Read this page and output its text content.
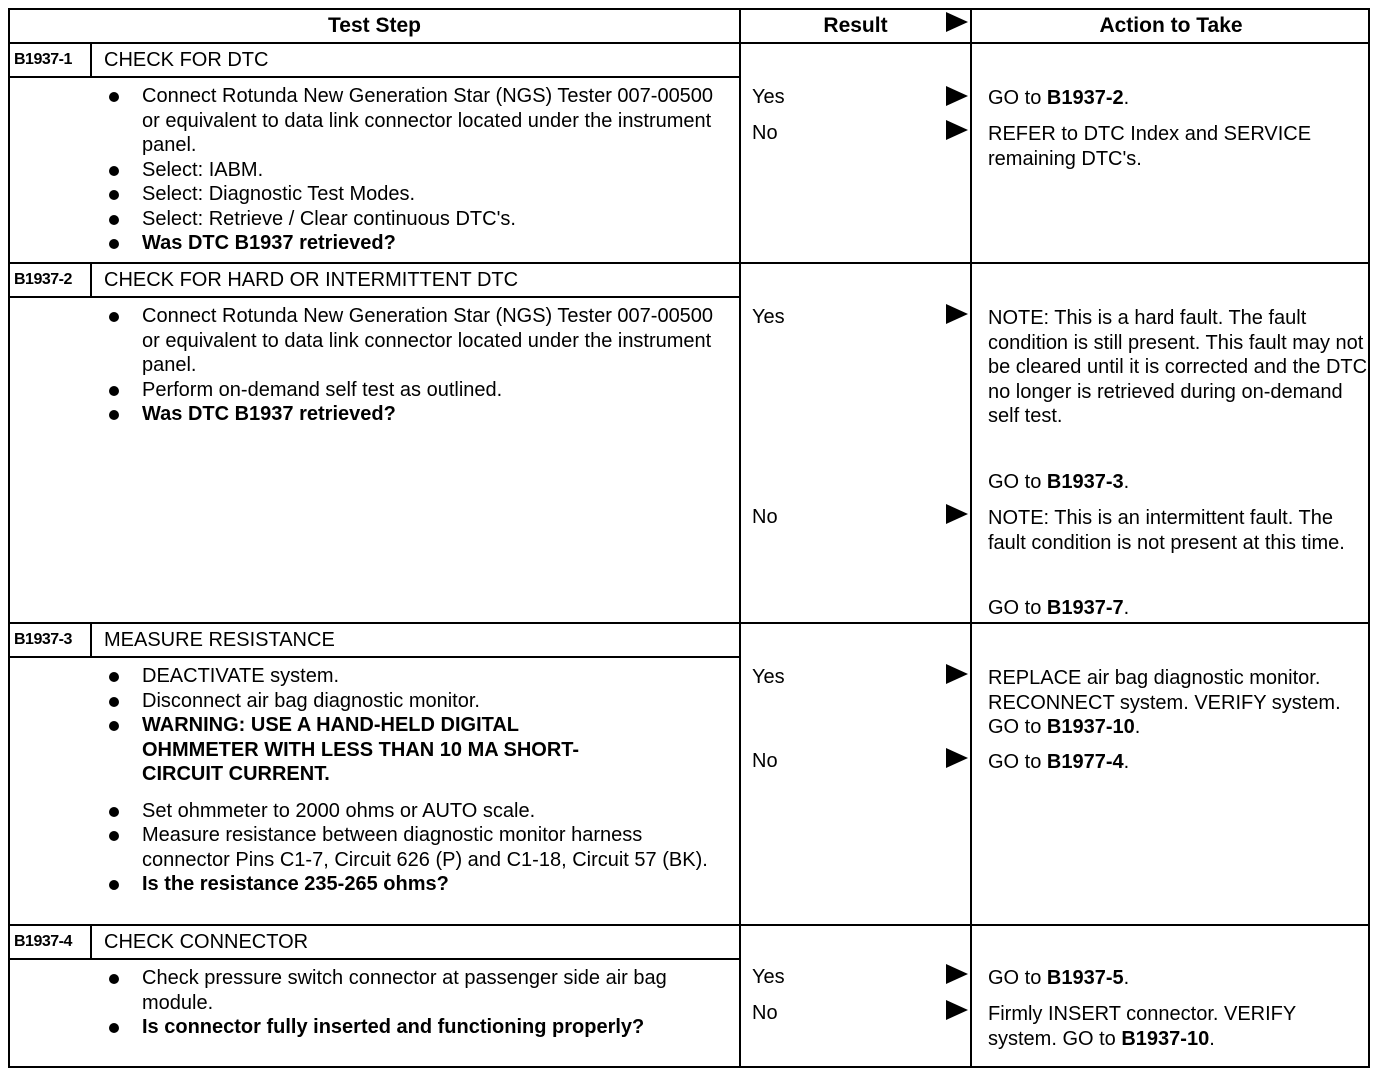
Test Step	Result	Action to Take
B1937-1	CHECK FOR DTC
Connect Rotunda New Generation Star (NGS) Tester 007-00500 or equivalent to data link connector located under the instrument panel.
Select: IABM.
Select: Diagnostic Test Modes.
Select: Retrieve / Clear continuous DTC's.
Was DTC B1937 retrieved?
Yes	GO to B1937-2.
No	REFER to DTC Index and SERVICE remaining DTC's.
B1937-2	CHECK FOR HARD OR INTERMITTENT DTC
Connect Rotunda New Generation Star (NGS) Tester 007-00500 or equivalent to data link connector located under the instrument panel.
Perform on-demand self test as outlined.
Was DTC B1937 retrieved?
Yes	NOTE: This is a hard fault. The fault condition is still present. This fault may not be cleared until it is corrected and the DTC no longer is retrieved during on-demand self test.
GO to B1937-3.
No	NOTE: This is an intermittent fault. The fault condition is not present at this time.
GO to B1937-7.
B1937-3	MEASURE RESISTANCE
DEACTIVATE system.
Disconnect air bag diagnostic monitor.
WARNING: USE A HAND-HELD DIGITAL OHMMETER WITH LESS THAN 10 MA SHORT-CIRCUIT CURRENT.
Set ohmmeter to 2000 ohms or AUTO scale.
Measure resistance between diagnostic monitor harness connector Pins C1-7, Circuit 626 (P) and C1-18, Circuit 57 (BK).
Is the resistance 235-265 ohms?
Yes	REPLACE air bag diagnostic monitor. RECONNECT system. VERIFY system. GO to B1937-10.
No	GO to B1977-4.
B1937-4	CHECK CONNECTOR
Check pressure switch connector at passenger side air bag module.
Is connector fully inserted and functioning properly?
Yes	GO to B1937-5.
No	Firmly INSERT connector. VERIFY system. GO to B1937-10.
